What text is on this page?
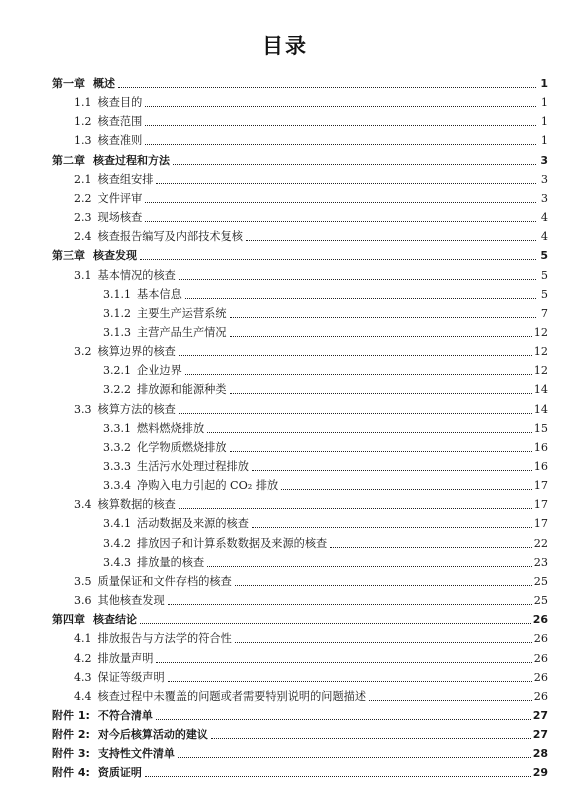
目录
第一章 概述	1
1.1 核查目的	1
1.2 核查范围	1
1.3 核查准则	1
第二章 核查过程和方法	3
2.1 核查组安排	3
2.2 文件评审	3
2.3 现场核查	4
2.4 核查报告编写及内部技术复核	4
第三章 核查发现	5
3.1 基本情况的核查	5
3.1.1 基本信息	5
3.1.2 主要生产运营系统	7
3.1.3 主营产品生产情况	12
3.2 核算边界的核查	12
3.2.1 企业边界	12
3.2.2 排放源和能源种类	14
3.3 核算方法的核查	14
3.3.1 燃料燃烧排放	15
3.3.2 化学物质燃烧排放	16
3.3.3 生活污水处理过程排放	16
3.3.4 净购入电力引起的 CO₂ 排放	17
3.4 核算数据的核查	17
3.4.1 活动数据及来源的核查	17
3.4.2 排放因子和计算系数数据及来源的核查	22
3.4.3 排放量的核查	23
3.5 质量保证和文件存档的核查	25
3.6 其他核查发现	25
第四章 核查结论	26
4.1 排放报告与方法学的符合性	26
4.2 排放量声明	26
4.3 保证等级声明	26
4.4 核查过程中未覆盖的问题或者需要特别说明的问题描述	26
附件 1: 不符合清单	27
附件 2: 对今后核算活动的建议	27
附件 3: 支持性文件清单	28
附件 4: 资质证明	29
